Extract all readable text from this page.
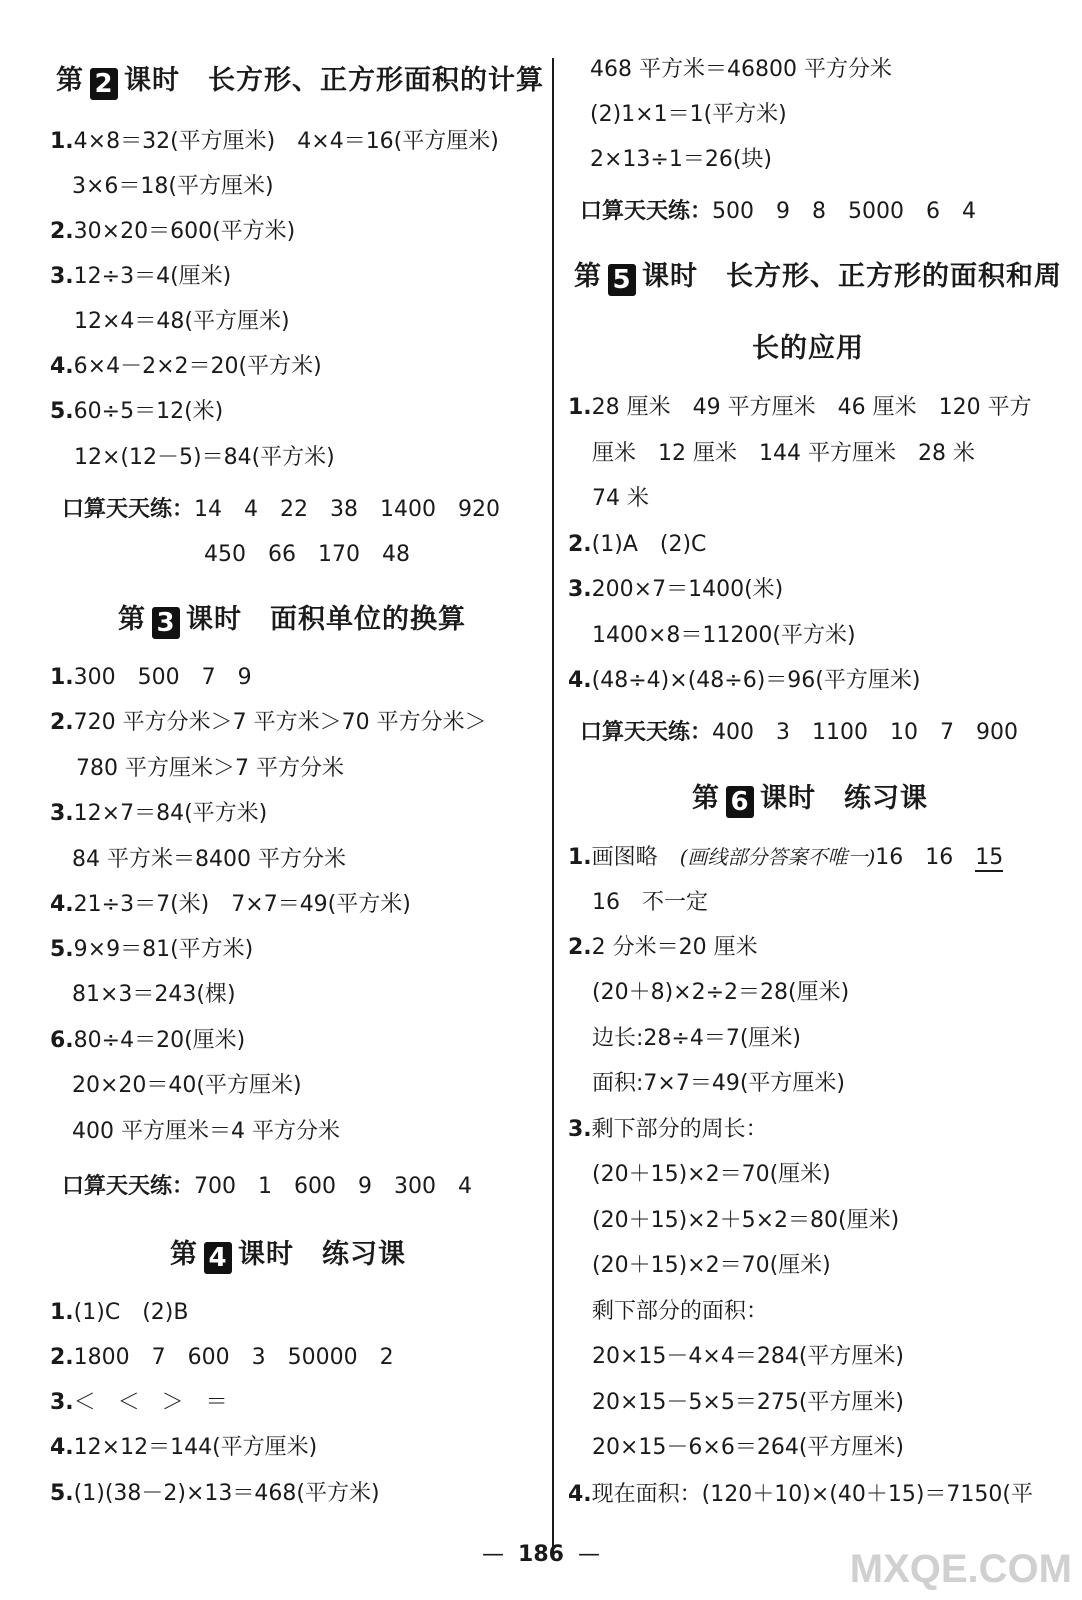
第 2 课时　长方形、正方形面积的计算
1.4×8＝32(平方厘米)　4×4＝16(平方厘米)
3×6＝18(平方厘米)
2.30×20＝600(平方米)
3.12÷3＝4(厘米)
12×4＝48(平方厘米)
4.6×4－2×2＝20(平方米)
5.60÷5＝12(米)
12×(12－5)＝84(平方米)
口算天天练：14　4　22　38　1400　920
450　66　170　48
第 3 课时　面积单位的换算
1.300　500　7　9
2.720 平方分米＞7 平方米＞70 平方分米＞
780 平方厘米＞7 平方分米
3.12×7＝84(平方米)
84 平方米＝8400 平方分米
4.21÷3＝7(米)　7×7＝49(平方米)
5.9×9＝81(平方米)
81×3＝243(棵)
6.80÷4＝20(厘米)
20×20＝40(平方厘米)
400 平方厘米＝4 平方分米
口算天天练：700　1　600　9　300　4
第 4 课时　练习课
1.(1)C　(2)B
2.1800　7　600　3　50000　2
3.＜　＜　＞　＝
4.12×12＝144(平方厘米)
5.(1)(38－2)×13＝468(平方米)
468 平方米＝46800 平方分米
(2)1×1＝1(平方米)
2×13÷1＝26(块)
口算天天练：500　9　8　5000　6　4
第 5 课时　长方形、正方形的面积和周
长的应用
1.28 厘米　49 平方厘米　46 厘米　120 平方
厘米　12 厘米　144 平方厘米　28 米
74 米
2.(1)A　(2)C
3.200×7＝1400(米)
1400×8＝11200(平方米)
4.(48÷4)×(48÷6)＝96(平方厘米)
口算天天练：400　3　1100　10　7　900
第 6 课时　练习课
1.画图略　(画线部分答案不唯一)16　16　15
16　不一定
2.2 分米＝20 厘米
(20＋8)×2÷2＝28(厘米)
边长:28÷4＝7(厘米)
面积:7×7＝49(平方厘米)
3.剩下部分的周长：
(20＋15)×2＝70(厘米)
(20＋15)×2＋5×2＝80(厘米)
(20＋15)×2＝70(厘米)
剩下部分的面积：
20×15－4×4＝284(平方厘米)
20×15－5×5＝275(平方厘米)
20×15－6×6＝264(平方厘米)
4.现在面积：(120＋10)×(40＋15)＝7150(平
— 186 —	MXQE.COM
